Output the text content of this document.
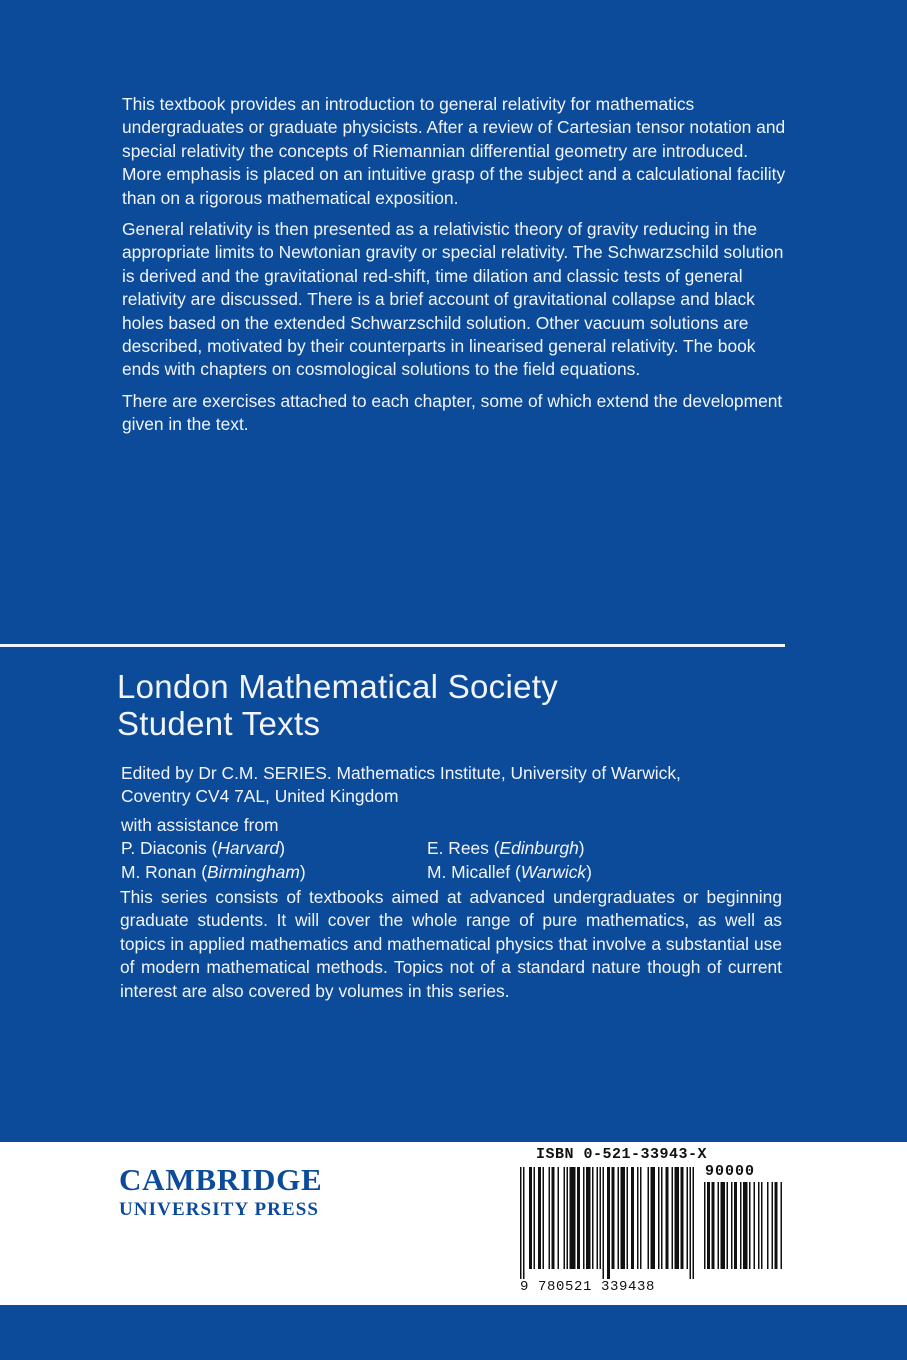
This textbook provides an introduction to general relativity for mathematics undergraduates or graduate physicists. After a review of Cartesian tensor notation and special relativity the concepts of Riemannian differential geometry are introduced. More emphasis is placed on an intuitive grasp of the subject and a calculational facility than on a rigorous mathematical exposition.

General relativity is then presented as a relativistic theory of gravity reducing in the appropriate limits to Newtonian gravity or special relativity. The Schwarzschild solution is derived and the gravitational red-shift, time dilation and classic tests of general relativity are discussed. There is a brief account of gravitational collapse and black holes based on the extended Schwarzschild solution. Other vacuum solutions are described, motivated by their counterparts in linearised general relativity. The book ends with chapters on cosmological solutions to the field equations.

There are exercises attached to each chapter, some of which extend the development given in the text.

London Mathematical Society
Student Texts
Edited by Dr C.M. SERIES. Mathematics Institute, University of Warwick,
Coventry CV4 7AL, United Kingdom
with assistance from
P. Diaconis (Harvard)	E. Rees (Edinburgh)
M. Ronan (Birmingham)	M. Micallef (Warwick)
This series consists of textbooks aimed at advanced undergraduates or beginning graduate students. It will cover the whole range of pure mathematics, as well as topics in applied mathematics and mathematical physics that involve a substantial use of modern mathematical methods. Topics not of a standard nature though of current interest are also covered by volumes in this series.
CAMBRIDGE
UNIVERSITY PRESS
ISBN 0-521-33943-X
90000
9 780521 339438
